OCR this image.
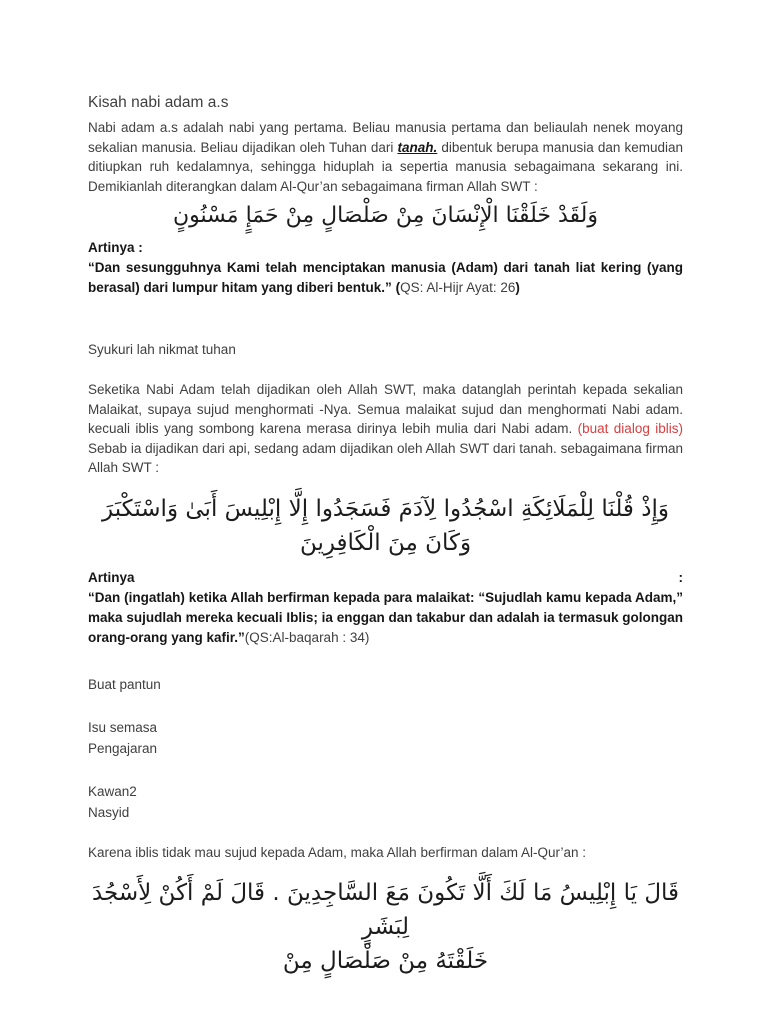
Kisah nabi adam a.s

Nabi adam a.s adalah nabi yang pertama. Beliau manusia pertama dan beliaulah nenek moyang sekalian manusia. Beliau dijadikan oleh Tuhan dari tanah. dibentuk berupa manusia dan kemudian ditiupkan ruh kedalamnya, sehingga hiduplah ia sepertia manusia sebagaimana sekarang ini. Demikianlah diterangkan dalam Al-Qur’an sebagaimana firman Allah SWT :

وَلَقَدْ خَلَقْنَا الْإِنْسَانَ مِنْ صَلْصَالٍ مِنْ حَمَإٍ مَسْنُونٍ

Artinya :

“Dan sesungguhnya Kami telah menciptakan manusia (Adam) dari tanah liat kering (yang berasal) dari lumpur hitam yang diberi bentuk.” (QS: Al-Hijr Ayat: 26)

Syukuri lah nikmat tuhan

Seketika Nabi Adam telah dijadikan oleh Allah SWT, maka datanglah perintah kepada sekalian Malaikat, supaya sujud menghormati -Nya. Semua malaikat sujud dan menghormati Nabi adam. kecuali iblis yang sombong karena merasa dirinya lebih mulia dari Nabi adam. (buat dialog iblis) Sebab ia dijadikan dari api, sedang adam dijadikan oleh Allah SWT dari tanah. sebagaimana firman Allah SWT :

وَإِذْ قُلْنَا لِلْمَلَائِكَةِ اسْجُدُوا لِآدَمَ فَسَجَدُوا إِلَّا إِبْلِيسَ أَبَىٰ وَاسْتَكْبَرَ
وَكَانَ مِنَ الْكَافِرِينَ
Artinya	:

“Dan (ingatlah) ketika Allah berfirman kepada para malaikat: “Sujudlah kamu kepada Adam,” maka sujudlah mereka kecuali Iblis; ia enggan dan takabur dan adalah ia termasuk golongan orang-orang yang kafir.”(QS:Al-baqarah : 34)

Buat pantun
Isu semasa
Pengajaran
Kawan2
Nasyid

Karena iblis tidak mau sujud kepada Adam, maka Allah berfirman dalam Al-Qur’an :

قَالَ يَا إِبْلِيسُ مَا لَكَ أَلَّا تَكُونَ مَعَ السَّاجِدِينَ . قَالَ لَمْ أَكُنْ لِأَسْجُدَ لِبَشَرٍ
خَلَقْتَهُ مِنْ صَلْصَالٍ مِنْ
